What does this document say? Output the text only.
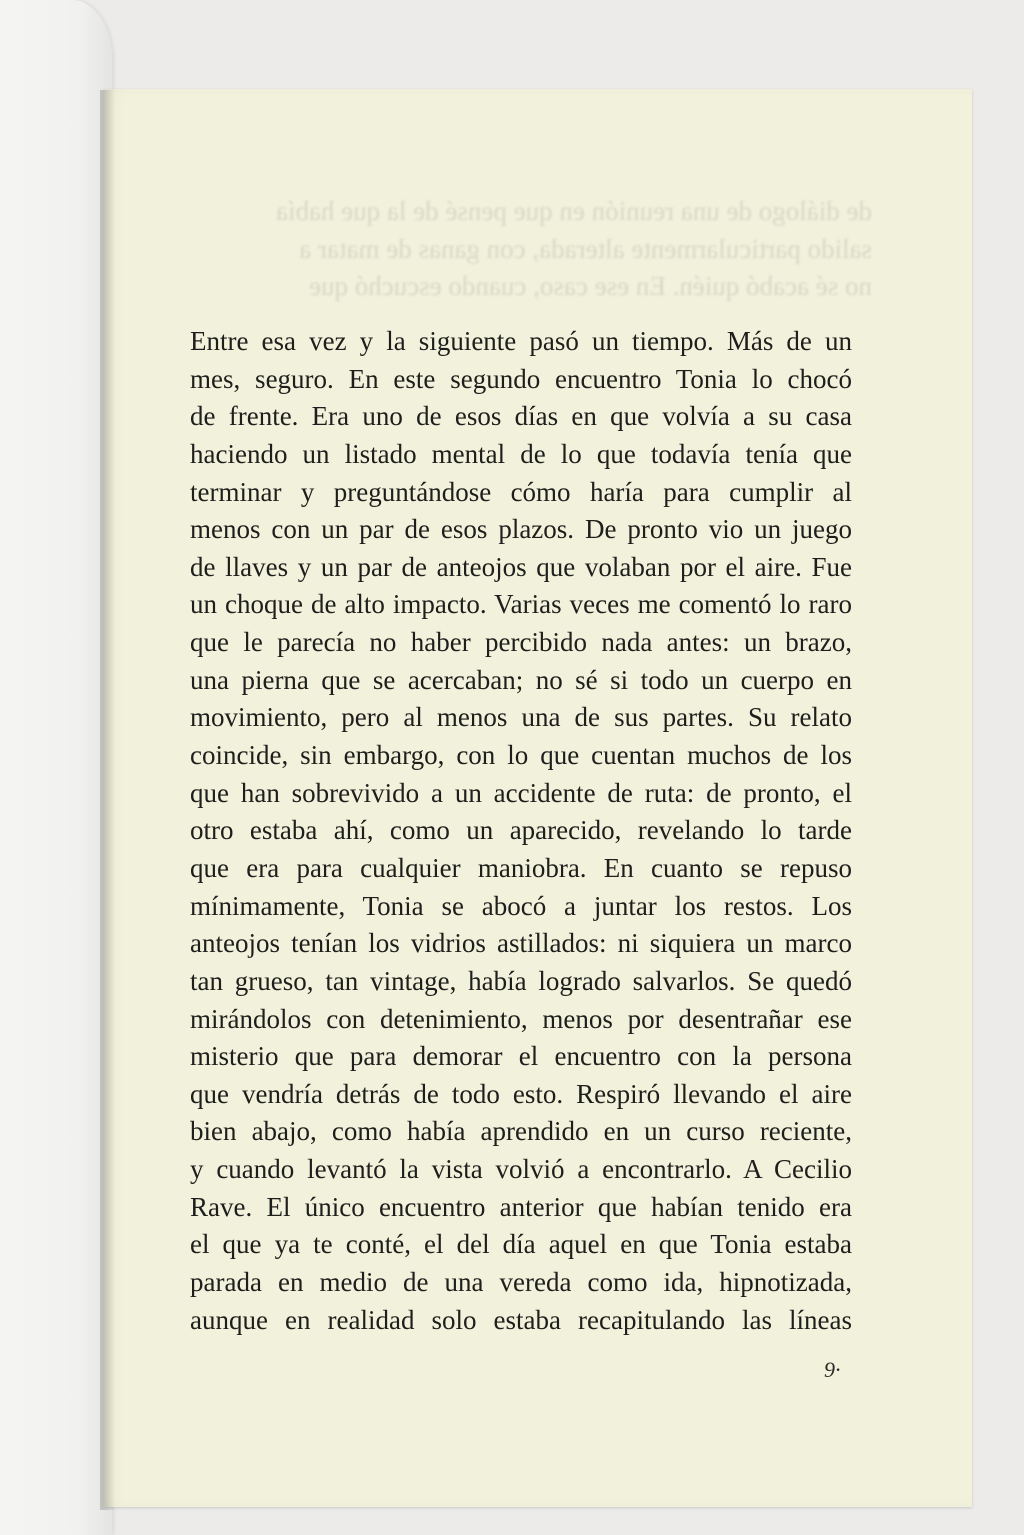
de diálogo de una reunión en que pensé de la que había
salido particularmente alterada, con ganas de matar a
no sé acabó quién. En ese caso, cuando escuchó que
Entre esa vez y la siguiente pasó un tiempo. Más de un
mes, seguro. En este segundo encuentro Tonia lo chocó
de frente. Era uno de esos días en que volvía a su casa
haciendo un listado mental de lo que todavía tenía que
terminar y preguntándose cómo haría para cumplir al
menos con un par de esos plazos. De pronto vio un juego
de llaves y un par de anteojos que volaban por el aire. Fue
un choque de alto impacto. Varias veces me comentó lo raro
que le parecía no haber percibido nada antes: un brazo,
una pierna que se acercaban; no sé si todo un cuerpo en
movimiento, pero al menos una de sus partes. Su relato
coincide, sin embargo, con lo que cuentan muchos de los
que han sobrevivido a un accidente de ruta: de pronto, el
otro estaba ahí, como un aparecido, revelando lo tarde
que era para cualquier maniobra. En cuanto se repuso
mínimamente, Tonia se abocó a juntar los restos. Los
anteojos tenían los vidrios astillados: ni siquiera un marco
tan grueso, tan vintage, había logrado salvarlos. Se quedó
mirándolos con detenimiento, menos por desentrañar ese
misterio que para demorar el encuentro con la persona
que vendría detrás de todo esto. Respiró llevando el aire
bien abajo, como había aprendido en un curso reciente,
y cuando levantó la vista volvió a encontrarlo. A Cecilio
Rave. El único encuentro anterior que habían tenido era
el que ya te conté, el del día aquel en que Tonia estaba
parada en medio de una vereda como ida, hipnotizada,
aunque en realidad solo estaba recapitulando las líneas
9·
